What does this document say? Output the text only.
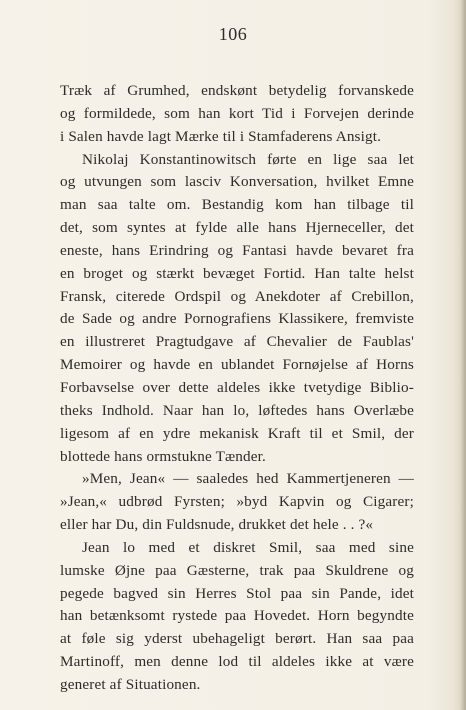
106
Træk af Grumhed, endskønt betydelig forvanskede
og formildede, som han kort Tid i Forvejen derinde
i Salen havde lagt Mærke til i Stamfaderens Ansigt.
Nikolaj Konstantinowitsch førte en lige saa let
og utvungen som lasciv Konversation, hvilket Emne
man saa talte om. Bestandig kom han tilbage til
det, som syntes at fylde alle hans Hjerneceller, det
eneste, hans Erindring og Fantasi havde bevaret fra
en broget og stærkt bevæget Fortid. Han talte helst
Fransk, citerede Ordspil og Anekdoter af Crebillon,
de Sade og andre Pornografiens Klassikere, fremviste
en illustreret Pragtudgave af Chevalier de Faublas'
Memoirer og havde en ublandet Fornøjelse af Horns
Forbavselse over dette aldeles ikke tvetydige Biblio-
theks Indhold. Naar han lo, løftedes hans Overlæbe
ligesom af en ydre mekanisk Kraft til et Smil, der
blottede hans ormstukne Tænder.
»Men, Jean« — saaledes hed Kammertjeneren —
»Jean,« udbrød Fyrsten; »byd Kapvin og Cigarer;
eller har Du, din Fuldsnude, drukket det hele . . ?«
Jean lo med et diskret Smil, saa med sine
lumske Øjne paa Gæsterne, trak paa Skuldrene og
pegede bagved sin Herres Stol paa sin Pande, idet
han betænksomt rystede paa Hovedet. Horn begyndte
at føle sig yderst ubehageligt berørt. Han saa paa
Martinoff, men denne lod til aldeles ikke at være
generet af Situationen.
